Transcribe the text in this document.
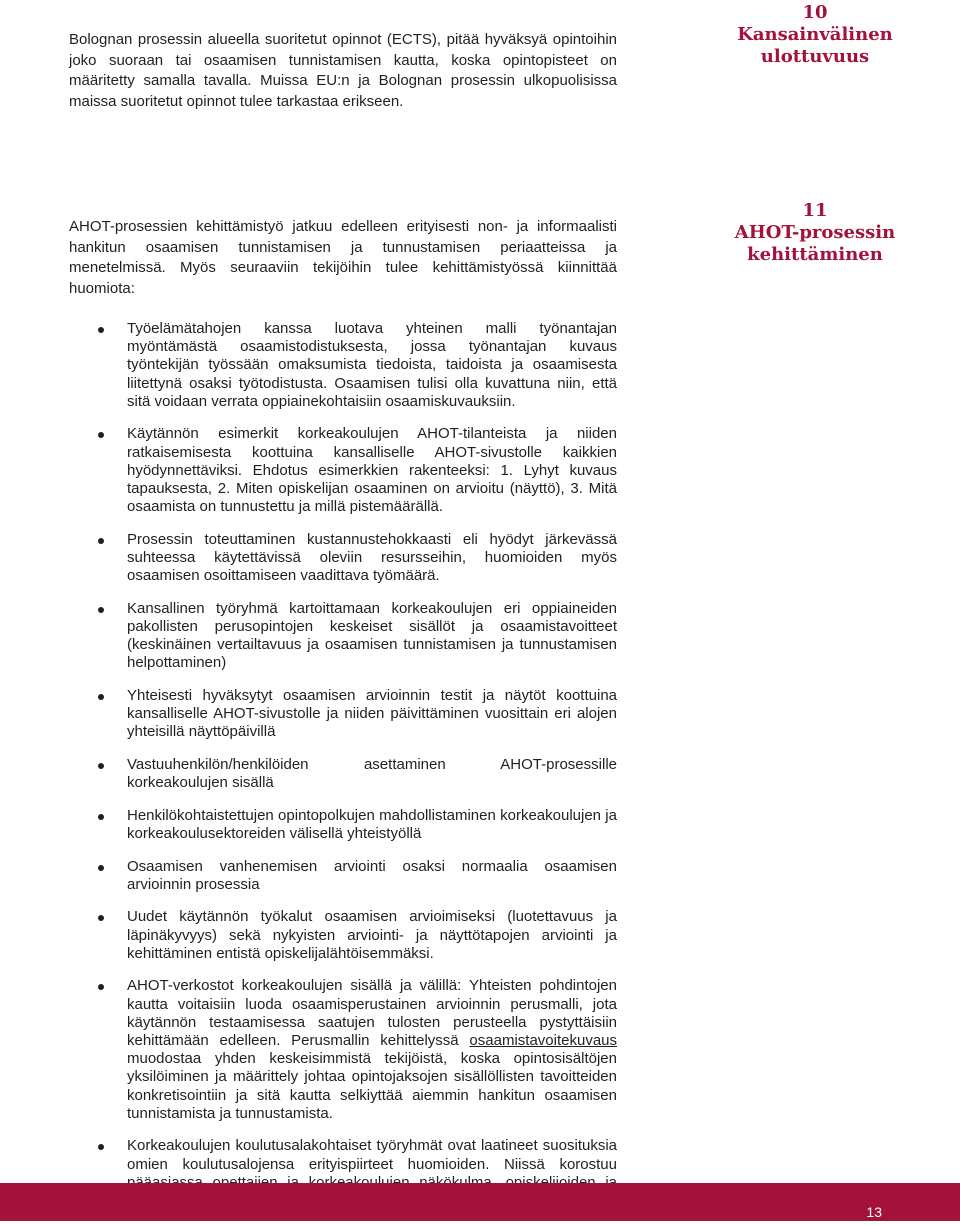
Bolognan prosessin alueella suoritetut opinnot (ECTS), pitää hyväksyä opintoihin joko suoraan tai osaamisen tunnistamisen kautta, koska opintopisteet on määritetty samalla tavalla. Muissa EU:n ja Bolognan prosessin ulkopuolisissa maissa suoritetut opinnot tulee tarkastaa erikseen.

10
Kansainvälinen
ulottuvuus
11
AHOT-prosessin
kehittäminen

AHOT-prosessien kehittämistyö jatkuu edelleen erityisesti non- ja informaalisti hankitun osaamisen tunnistamisen ja tunnustamisen periaatteissa ja menetelmissä. Myös seuraaviin tekijöihin tulee kehittämistyössä kiinnittää huomiota:

Työelämätahojen kanssa luotava yhteinen malli työnantajan myöntämästä osaamistodistuksesta, jossa työnantajan kuvaus työntekijän työssään omaksumista tiedoista, taidoista ja osaamisesta liitettynä osaksi työtodistusta. Osaamisen tulisi olla kuvattuna niin, että sitä voidaan verrata oppiainekohtaisiin osaamiskuvauksiin.
Käytännön esimerkit korkeakoulujen AHOT-tilanteista ja niiden ratkaisemisesta koottuina kansalliselle AHOT-sivustolle kaikkien hyödynnettäviksi. Ehdotus esimerkkien rakenteeksi: 1. Lyhyt kuvaus tapauksesta, 2. Miten opiskelijan osaaminen on arvioitu (näyttö), 3. Mitä osaamista on tunnustettu ja millä pistemäärällä.
Prosessin toteuttaminen kustannustehokkaasti eli hyödyt järkevässä suhteessa käytettävissä oleviin resursseihin, huomioiden myös osaamisen osoittamiseen vaadittava työmäärä.
Kansallinen työryhmä kartoittamaan korkeakoulujen eri oppiaineiden pakollisten perusopintojen keskeiset sisällöt ja osaamistavoitteet (keskinäinen vertailtavuus ja osaamisen tunnistamisen ja tunnustamisen helpottaminen)
Yhteisesti hyväksytyt osaamisen arvioinnin testit ja näytöt koottuina kansalliselle AHOT-sivustolle ja niiden päivittäminen vuosittain eri alojen yhteisillä näyttöpäivillä
Vastuuhenkilön/henkilöiden asettaminen AHOT-prosessille korkeakoulujen sisällä
Henkilökohtaistettujen opintopolkujen mahdollistaminen korkeakoulujen ja korkeakoulusektoreiden välisellä yhteistyöllä
Osaamisen vanhenemisen arviointi osaksi normaalia osaamisen arvioinnin prosessia
Uudet käytännön työkalut osaamisen arvioimiseksi (luotettavuus ja läpinäkyvyys) sekä nykyisten arviointi- ja näyttötapojen arviointi ja kehittäminen entistä opiskelijalähtöisemmäksi.
AHOT-verkostot korkeakoulujen sisällä ja välillä: Yhteisten pohdintojen kautta voitaisiin luoda osaamisperustainen arvioinnin perusmalli, jota käytännön testaamisessa saatujen tulosten perusteella pystyttäisiin kehittämään edelleen. Perusmallin kehittelyssä osaamistavoitekuvaus muodostaa yhden keskeisimmistä tekijöistä, koska opintosisältöjen yksilöiminen ja määrittely johtaa opintojaksojen sisällöllisten tavoitteiden konkretisointiin ja sitä kautta selkiyttää aiemmin hankitun osaamisen tunnistamista ja tunnustamista.
Korkeakoulujen koulutusalakohtaiset työryhmät ovat laatineet suosituksia omien koulutusalojensa erityispiirteet huomioiden. Niissä korostuu
13
